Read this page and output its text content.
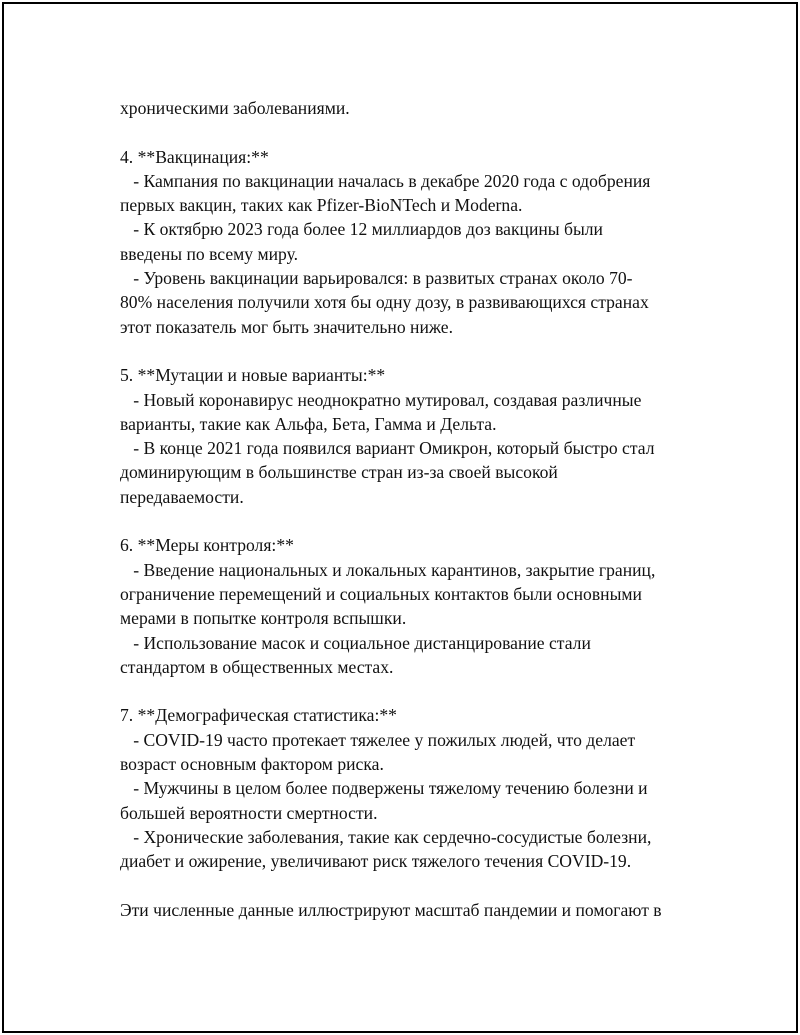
хроническими заболеваниями.
4. **Вакцинация:**
- Кампания по вакцинации началась в декабре 2020 года с одобрения
первых вакцин, таких как Pfizer-BioNTech и Moderna.
- К октябрю 2023 года более 12 миллиардов доз вакцины были
введены по всему миру.
- Уровень вакцинации варьировался: в развитых странах около 70-
80% населения получили хотя бы одну дозу, в развивающихся странах
этот показатель мог быть значительно ниже.
5. **Мутации и новые варианты:**
- Новый коронавирус неоднократно мутировал, создавая различные
варианты, такие как Альфа, Бета, Гамма и Дельта.
- В конце 2021 года появился вариант Омикрон, который быстро стал
доминирующим в большинстве стран из-за своей высокой
передаваемости.
6. **Меры контроля:**
- Введение национальных и локальных карантинов, закрытие границ,
ограничение перемещений и социальных контактов были основными
мерами в попытке контроля вспышки.
- Использование масок и социальное дистанцирование стали
стандартом в общественных местах.
7. **Демографическая статистика:**
- COVID-19 часто протекает тяжелее у пожилых людей, что делает
возраст основным фактором риска.
- Мужчины в целом более подвержены тяжелому течению болезни и
большей вероятности смертности.
- Хронические заболевания, такие как сердечно-сосудистые болезни,
диабет и ожирение, увеличивают риск тяжелого течения COVID-19.
Эти численные данные иллюстрируют масштаб пандемии и помогают в
